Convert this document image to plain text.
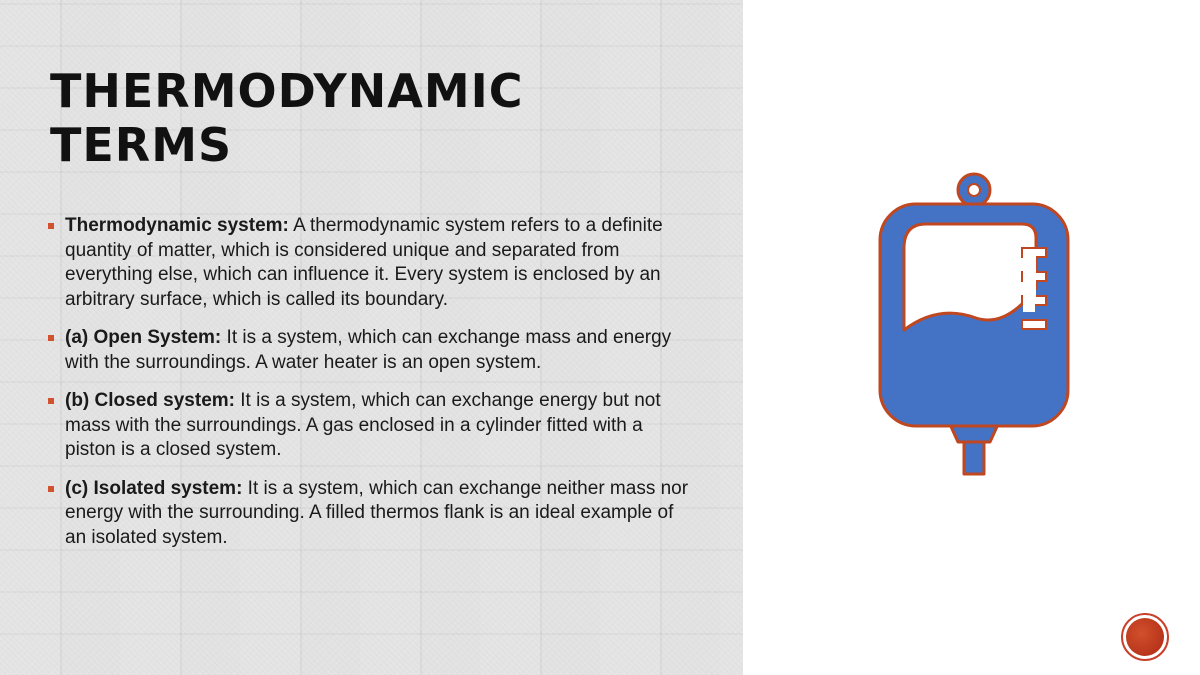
THERMODYNAMIC
TERMS
Thermodynamic system: A thermodynamic system refers to a definite quantity of matter, which is considered unique and separated from everything else, which can influence it. Every system is enclosed by an arbitrary surface, which is called its boundary.
(a) Open System: It is a system, which can exchange mass and energy with the surroundings. A water heater is an open system.
(b) Closed system: It is a system, which can exchange energy but not mass with the surroundings. A gas enclosed in a cylinder fitted with a piston is a closed system.
(c) Isolated system: It is a system, which can exchange neither mass nor energy with the surrounding. A filled thermos flank is an ideal example of an isolated system.
